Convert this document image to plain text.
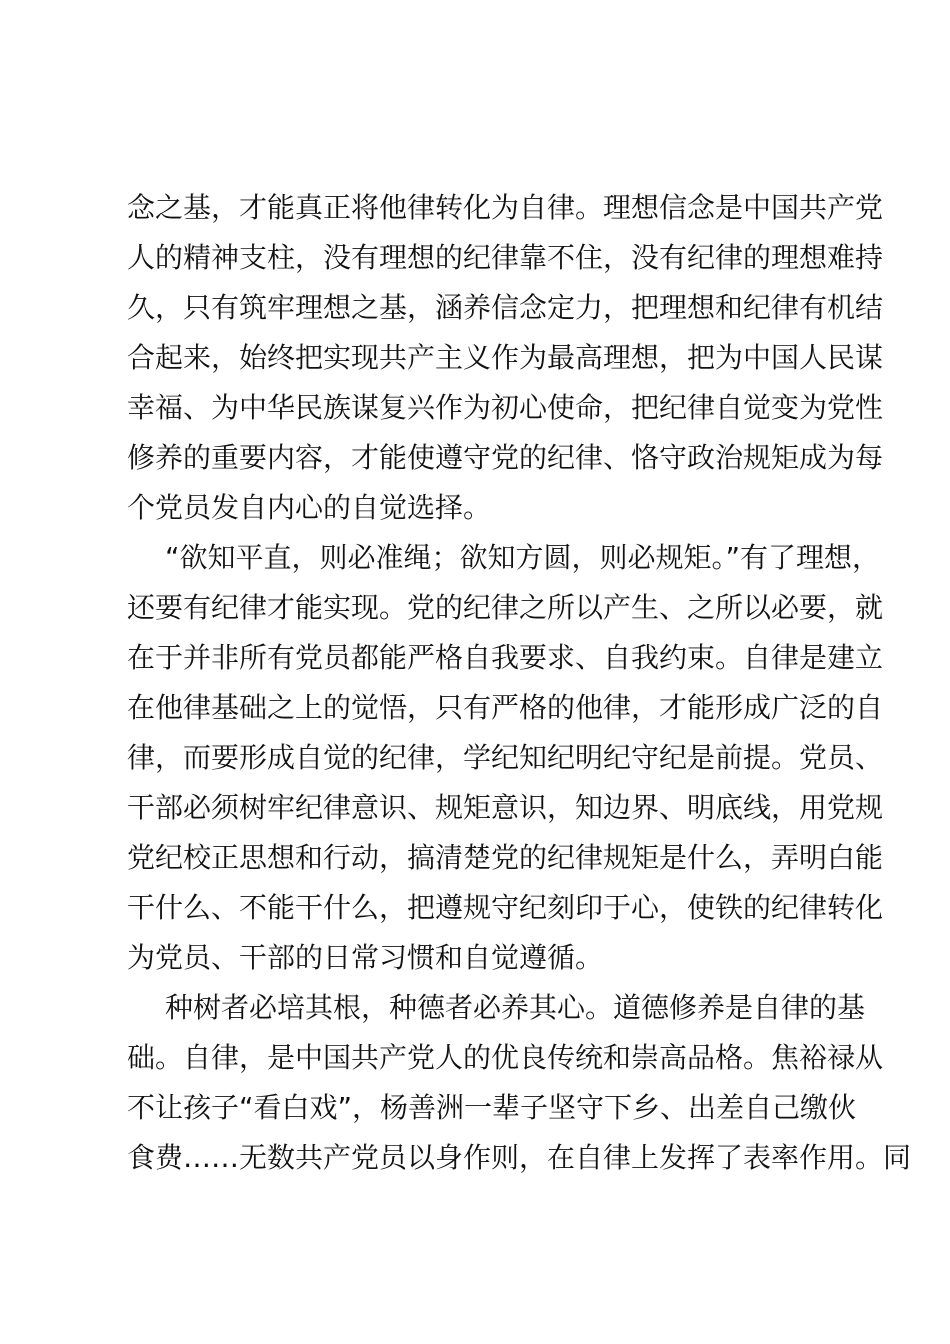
念之基，才能真正将他律转化为自律。理想信念是中国共产党
人的精神支柱，没有理想的纪律靠不住，没有纪律的理想难持
久，只有筑牢理想之基，涵养信念定力，把理想和纪律有机结
合起来，始终把实现共产主义作为最高理想，把为中国人民谋
幸福、为中华民族谋复兴作为初心使命，把纪律自觉变为党性
修养的重要内容，才能使遵守党的纪律、恪守政治规矩成为每
个党员发自内心的自觉选择。
“欲知平直，则必准绳；欲知方圆，则必规矩。”有了理想，
还要有纪律才能实现。党的纪律之所以产生、之所以必要，就
在于并非所有党员都能严格自我要求、自我约束。自律是建立
在他律基础之上的觉悟，只有严格的他律，才能形成广泛的自
律，而要形成自觉的纪律，学纪知纪明纪守纪是前提。党员、
干部必须树牢纪律意识、规矩意识，知边界、明底线，用党规
党纪校正思想和行动，搞清楚党的纪律规矩是什么，弄明白能
干什么、不能干什么，把遵规守纪刻印于心，使铁的纪律转化
为党员、干部的日常习惯和自觉遵循。
种树者必培其根，种德者必养其心。道德修养是自律的基
础。自律，是中国共产党人的优良传统和崇高品格。焦裕禄从
不让孩子“看白戏”，杨善洲一辈子坚守下乡、出差自己缴伙
食费……无数共产党员以身作则，在自律上发挥了表率作用。同
